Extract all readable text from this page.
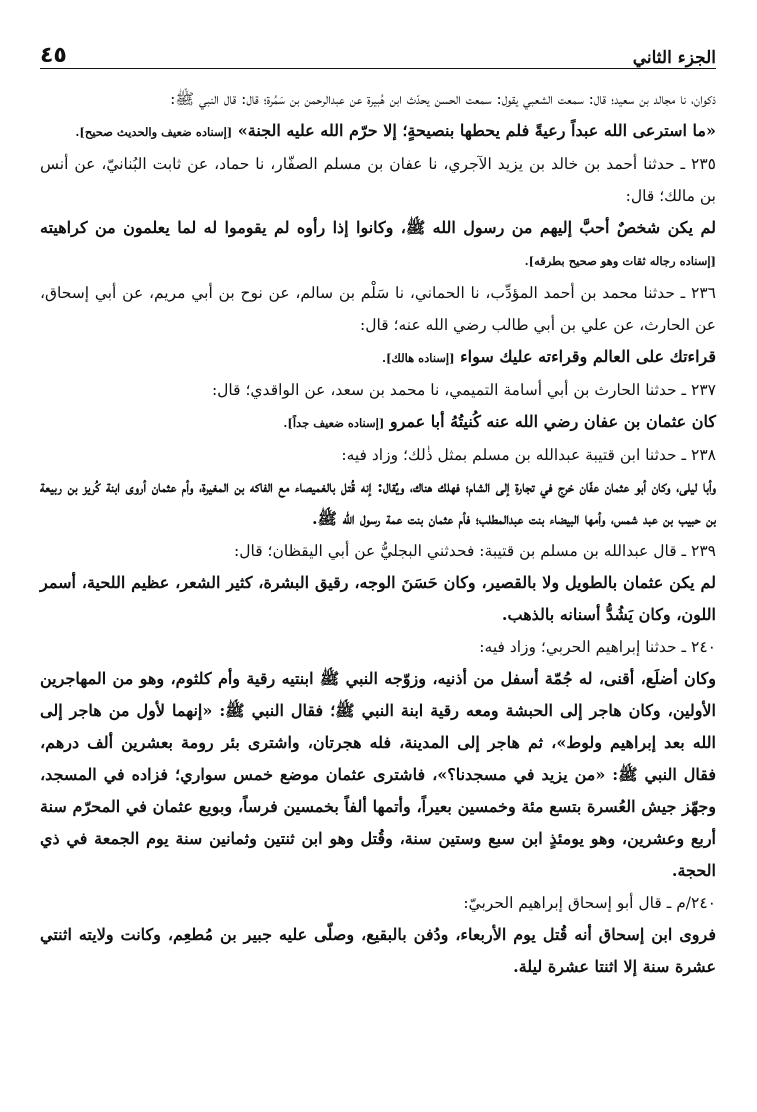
الجزء الثاني
٤٥

ذكوان، نا مجالد بن سعيد؛ قال: سمعت الشعبي يقول: سمعت الحسن يحدّث ابن هُبيرة عن عبدالرحمن بن سَمُرة؛ قال: قال النبي ﷺ:

«ما استرعى الله عبداً رعيةً فلم يحطها بنصيحةٍ؛ إلا حرّم الله عليه الجنة» [إسناده ضعيف والحديث صحيح].

٢٣٥ ـ حدثنا أحمد بن خالد بن يزيد الآجري، نا عفان بن مسلم الصفّار، نا حماد، عن ثابت البُنانيّ، عن أنس بن مالك؛ قال:

لم يكن شخصٌ أحبَّ إليهم من رسول الله ﷺ، وكانوا إذا رأوه لم يقوموا له لما يعلمون من كراهيته [إسناده رجاله ثقات وهو صحيح بطرقه].

٢٣٦ ـ حدثنا محمد بن أحمد المؤدِّب، نا الحماني، نا سَلْم بن سالم، عن نوح بن أبي مريم، عن أبي إسحاق، عن الحارث، عن علي بن أبي طالب رضي الله عنه؛ قال:

قراءتك على العالم وقراءته عليك سواء [إسناده هالك].

٢٣٧ ـ حدثنا الحارث بن أبي أسامة التميمي، نا محمد بن سعد، عن الواقدي؛ قال:

كان عثمان بن عفان رضي الله عنه كُنيتُهُ أبا عمرو [إسناده ضعيف جداً].

٢٣٨ ـ حدثنا ابن قتيبة عبدالله بن مسلم بمثل ذٰلك؛ وزاد فيه:

وأبا ليلى، وكان أبو عثمان عفّان خرج في تجارة إلى الشام؛ فهلك هناك، ويُقال: إنه قُتل بالغميصاء مع الفاكه بن المغيرة، وأم عثمان أروى ابنة كُريز بن ربيعة بن حبيب بن عبد شمس، وأمها البيضاء بنت عبدالمطلب؛ فأم عثمان بنت عمة رسول الله ﷺ.

٢٣٩ ـ قال عبدالله بن مسلم بن قتيبة: فحدثني البجليُّ عن أبي اليقظان؛ قال:

لم يكن عثمان بالطويل ولا بالقصير، وكان حَسَنَ الوجه، رقيق البشرة، كثير الشعر، عظيم اللحية، أسمر اللون، وكان يَشُدُّ أسنانه بالذهب.

٢٤٠ ـ حدثنا إبراهيم الحربي؛ وزاد فيه:

وكان أضلَع، أقنى، له جُمّة أسفل من أذنيه، وزوّجه النبي ﷺ ابنتيه رقية وأم كلثوم، وهو من المهاجرين الأولين، وكان هاجر إلى الحبشة ومعه رقية ابنة النبي ﷺ؛ فقال النبي ﷺ: «إنهما لأول من هاجر إلى الله بعد إبراهيم ولوط»، ثم هاجر إلى المدينة، فله هجرتان، واشترى بئر رومة بعشرين ألف درهم، فقال النبي ﷺ: «من يزيد في مسجدنا؟»، فاشترى عثمان موضع خمس سواري؛ فزاده في المسجد، وجهّز جيش العُسرة بتسع مئة وخمسين بعيراً، وأتمها ألفاً بخمسين فرساً، وبويع عثمان في المحرّم سنة أربع وعشرين، وهو يومئذٍ ابن سبع وستين سنة، وقُتل وهو ابن ثنتين وثمانين سنة يوم الجمعة في ذي الحجة.

٢٤٠/م ـ قال أبو إسحاق إبراهيم الحربيّ:

فروى ابن إسحاق أنه قُتل يوم الأربعاء، ودُفن بالبقيع، وصلّى عليه جبير بن مُطعِم، وكانت ولايته اثنتي عشرة سنة إلا اثنتا عشرة ليلة.
